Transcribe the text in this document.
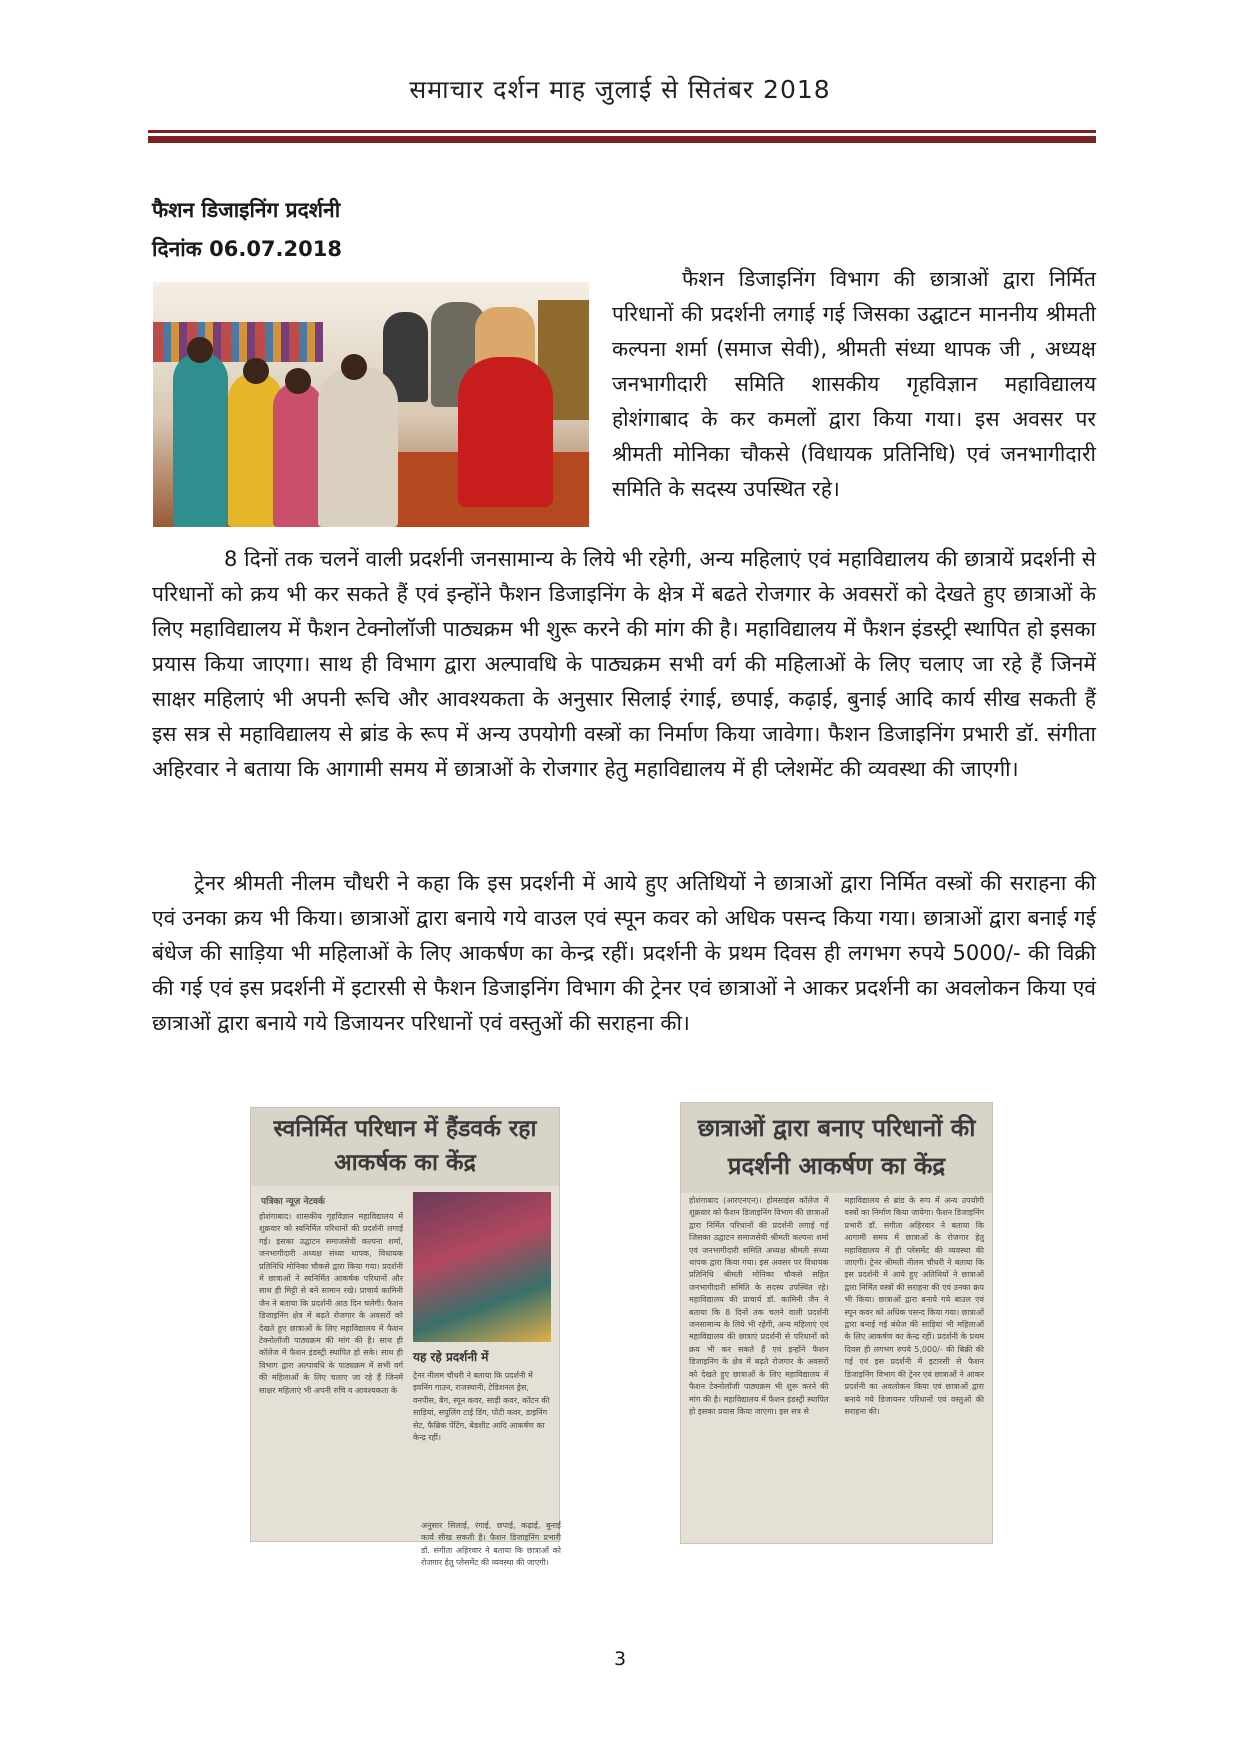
समाचार दर्शन माह जुलाई से सितंबर 2018
फैशन डिजाइनिंग प्रदर्शनी
दिनांक 06.07.2018
फैशन डिजाइनिंग विभाग की छात्राओं द्वारा निर्मित परिधानों की प्रदर्शनी लगाई गई जिसका उद्घाटन माननीय श्रीमती कल्पना शर्मा (समाज सेवी), श्रीमती संध्या थापक जी , अध्यक्ष जनभागीदारी समिति शासकीय गृहविज्ञान महाविद्यालय होशंगाबाद के कर कमलों द्वारा किया गया। इस अवसर पर श्रीमती मोनिका चौकसे (विधायक प्रतिनिधि) एवं जनभागीदारी समिति के सदस्य उपस्थित रहे।
8 दिनों तक चलनें वाली प्रदर्शनी जनसामान्य के लिये भी रहेगी, अन्य महिलाएं एवं महाविद्यालय की छात्रायें प्रदर्शनी से परिधानों को क्रय भी कर सकते हैं एवं इन्होंने फैशन डिजाइनिंग के क्षेत्र में बढते रोजगार के अवसरों को देखते हुए छात्राओं के लिए महाविद्यालय में फैशन टेक्नोलॉजी पाठ्यक्रम भी शुरू करने की मांग की है। महाविद्यालय में फैशन इंडस्ट्री स्थापित हो इसका प्रयास किया जाएगा। साथ ही विभाग द्वारा अल्पावधि के पाठ्यक्रम सभी वर्ग की महिलाओं के लिए चलाए जा रहे हैं जिनमें साक्षर महिलाएं भी अपनी रूचि और आवश्यकता के अनुसार सिलाई रंगाई, छपाई, कढ़ाई, बुनाई आदि कार्य सीख सकती हैं इस सत्र से महाविद्यालय से ब्रांड के रूप में अन्य उपयोगी वस्त्रों का निर्माण किया जावेगा। फैशन डिजाइनिंग प्रभारी डॉ. संगीता अहिरवार ने बताया कि आगामी समय में छात्राओं के रोजगार हेतु महाविद्यालय में ही प्लेशमेंट की व्यवस्था की जाएगी।
ट्रेनर श्रीमती नीलम चौधरी ने कहा कि इस प्रदर्शनी में आये हुए अतिथियों ने छात्राओं द्वारा निर्मित वस्त्रों की सराहना की एवं उनका क्रय भी किया। छात्राओं द्वारा बनाये गये वाउल एवं स्पून कवर को अधिक पसन्द किया गया। छात्राओं द्वारा बनाई गई बंधेज की साड़िया भी महिलाओं के लिए आकर्षण का केन्द्र रहीं। प्रदर्शनी के प्रथम दिवस ही लगभग रुपये 5000/- की विक्री की गई एवं इस प्रदर्शनी में इटारसी से फैशन डिजाइनिंग विभाग की ट्रेनर एवं छात्राओं ने आकर प्रदर्शनी का अवलोकन किया एवं छात्राओं द्वारा बनाये गये डिजायनर परिधानों एवं वस्तुओं की सराहना की।
स्वनिर्मित परिधान में हैंडवर्क रहा आकर्षक का केंद्र
पत्रिका न्यूज़ नेटवर्क
होशंगाबाद। शासकीय गृहविज्ञान महाविद्यालय में शुक्रवार को स्वनिर्मित परिधानों की प्रदर्शनी लगाई गई। इसका उद्घाटन समाजसेवी कल्पना शर्मा, जनभागीदारी अध्यक्ष संध्या थापक, विधायक प्रतिनिधि मोनिका चौकसे द्वारा किया गया। प्रदर्शनी में छात्राओं ने स्वनिर्मित आकर्षक परिधानों और साथ ही मिट्टी से बने सामान रखे। प्राचार्य कामिनी जैन ने बताया कि प्रदर्शनी आठ दिन चलेगी। फैशन डिजाइनिंग क्षेत्र में बढ़ते रोजगार के अवसरों को देखते हुए छात्राओं के लिए महाविद्यालय में फैशन टेक्नोलॉजी पाठ्यक्रम की मांग की है। साथ ही कॉलेज में फैशन इंडस्ट्री स्थापित हो सके। साथ ही विभाग द्वारा अल्पावधि के पाठ्यक्रम में सभी वर्ग की महिलाओं के लिए चलाए जा रहे हैं जिनमें साक्षर महिलाएं भी अपनी रुचि व आवश्यकता के
यह रहे प्रदर्शनी में
ट्रेनर नीलम चौधरी ने बताया कि प्रदर्शनी में इवनिंग गाउन, राजस्थानी, टेडिशनल ड्रेस, वनपीस, बैग, स्पून कवर, साड़ी कवर, कॉटन की साड़ियां, सपुलिंग टाई डिंग, पोटी कवर, डाइनिंग सेट, फैब्रिक पेंटिंग, बेडशीट आदि आकर्षण का केन्द्र रहीं।
अनुसार सिलाई, रंगाई, छपाई, कढ़ाई, बुनाई कार्य सीख सकती है। फैशन डिजाइनिंग प्रभारी डॉ. संगीता अहिरवार ने बताया कि छात्राओं को रोजगार हेतु प्लेसमेंट की व्यवस्था की जाएगी।
छात्राओं द्वारा बनाए परिधानों की प्रदर्शनी आकर्षण का केंद्र
होशंगाबाद (आरएनएन)। होमसाइंस कॉलेज में शुक्रवार को फैशन डिजाइनिंग विभाग की छात्राओं द्वारा निर्मित परिधानों की प्रदर्शनी लगाई गई जिसका उद्घाटन समाजसेवी श्रीमती कल्पना शर्मा एवं जनभागीदारी समिति अध्यक्ष श्रीमती संध्या थापक द्वारा किया गया। इस अवसर पर विधायक प्रतिनिधि श्रीमती मोनिका चौकसे सहित जनभागीदारी समिति के सदस्य उपस्थित रहे। महाविद्यालय की प्राचार्य डॉ. कामिनी जैन ने बताया कि 8 दिनों तक चलने वाली प्रदर्शनी जनसामान्य के लिये भी रहेगी, अन्य महिलाएं एवं महाविद्यालय की छात्राएं प्रदर्शनी से परिधानों को क्रय भी कर सकते हैं एवं इन्होंने फैशन डिजाइनिंग के क्षेत्र में बढ़ते रोजगार के अवसरों को देखते हुए छात्राओं के लिए महाविद्यालय में फैशन टेक्नोलॉजी पाठ्यक्रम भी शुरू करने की मांग की है। महाविद्यालय में फैशन इंडस्ट्री स्थापित हो इसका प्रयास किया जाएगा। इस सत्र से
महाविद्यालय से ब्रांड के रूप में अन्य उपयोगी वस्त्रों का निर्माण किया जायेगा। फैशन डिजाइनिंग प्रभारी डॉ. संगीता अहिरवार ने बताया कि आगामी समय में छात्राओं के रोजगार हेतु महाविद्यालय में ही प्लेसमेंट की व्यवस्था की जाएगी। ट्रेनर श्रीमती नीलम चौधरी ने बताया कि इस प्रदर्शनी में आये हुए अतिथियों ने छात्राओं द्वारा निर्मित वस्त्रों की सराहना की एवं उनका क्रय भी किया। छात्राओं द्वारा बनाये गये बाउल एवं स्पून कवर को अधिक पसन्द किया गया। छात्राओं द्वारा बनाई गई बंधेज की साड़ियां भी महिलाओं के लिए आकर्षण का केन्द्र रहीं। प्रदर्शनी के प्रथम दिवस ही लगभग रुपये 5,000/- की बिक्री की गई एवं इस प्रदर्शनी में इटारसी से फैशन डिजाइनिंग विभाग की ट्रेनर एवं छात्राओं ने आकर प्रदर्शनी का अवलोकन किया एवं छात्राओं द्वारा बनाये गये डिजायनर परिधानों एवं वस्तुओं की सराहना की।
3
